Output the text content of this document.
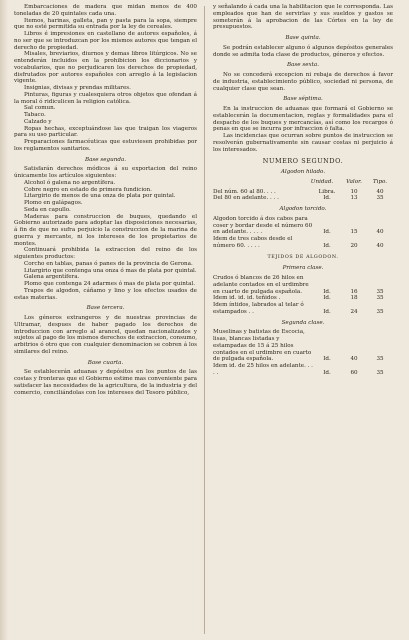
Embarcaciones de madera que midan menos de 400 toneladas de 20 quintales cada una.

Itemos, harinas, galleta, pan y pasta para la sopa, siempre que no esté permitida su entrada por la ley de cereales.

Libros é impresiones en castellano de autores españoles, á no ser que se introduzcan por los mismos autores que tengan el derecho de propiedad.

Misales, breviarios, diurnos y demas libros litúrgicos. No se entenderán incluidos en la prohibicion los diccionarios y vocabularios, que no perjudicaren los derechos de propiedad, disfrutados por autores españoles con arreglo á la legislacion vigente.

Insignias, divisas y prendas militares.

Pinturas, figuras y cualesquiera otros objetos que ofendan á la moral ó ridiculicen la religion católica.

Sal comun.

Tabaco.

Calzado y

Ropas hechas, exceptuándose las que traigan los viageros para su uso particular.

Preparaciones farmacéuticas que estuviesen prohibidas por los reglamentos sanitarios.

Base segunda.

Satisfarán derechos módicos á su exportacion del reino únicamente los artículos siguientes:

Alcohol ó galena no argentífera.

Cobre negro en estado de primera fundicion.

Litargirio de menos de una onza de plata por quintal.

Plomo en galápagos.

Seda en capullo.

Maderas para construccion de buques, quedando el Gobierno autorizado para adoptar las disposiciones necesarias, á fin de que no sufra perjuicio la construccion de la marina de guerra y mercante, ni los intereses de los propietarios de montes.

Continuará prohibida la extraccion del reino de los siguientes productos:

Corcho en tablas, panas ó panes de la provincia de Gerona.

Litargirio que contenga una onza ó mas de plata por quintal.

Galena argentífera.

Plomo que contenga 24 adarmes ó mas de plata por quintal.

Trapos de algodon, cáñamo y lino y los efectos usados de estas materias.

Base tercera.

Los géneros extrangeros y de nuestras provincias de Ultramar, despues de haber pagado los derechos de introduccion con arreglo al arancel, quedan nacionalizados y sujetos al pago de los mismos derechos de extraccion, consumo, arbitrios ó otro que con cualquier denominacion se cobren á los similares del reino.

Base cuarta.

Se establecerán aduanas y depósitos en los puntos de las costas y fronteras que el Gobierno estime mas conveniente para satisfacer las necesidades de la agricultura, de la industria y del comercio, conciliándolas con los intereses del Tesoro público,

y señalando á cada una la habilitacion que le corresponda. Las empleados que han de servirlas y sus sueldos y gastos se someterán á la aprobacion de las Córtes en la ley de presupuestos.

Base quinta.

Se podrán establecer alguno ó algunos depósitos generales donde se admita toda clase de productos, géneros y efectos.

Base sexta.

No se concederá excepcion ni rebaja de derechos á favor de industria, establecimiento público, sociedad ni persona, de cualquier clase que sean.

Base séptima.

En la instruccion de aduanas que formará el Gobierno se establecerán la documentacion, reglas y formalidades para el despacho de los buques y mercancías, así como los recargos ó penas en que se incurra por infraccion ó falta.

Las incidencias que ocurran sobre puntos de instruccion se resolverán gubernativamente sin causar costas ni perjuicio á los interesados.

NUMERO SEGUNDO.
Algodon hilado.
Unidad.	Valor.	Tipo.
Del núm. 60 al 80. . . .	Libra.	10	40
Del 80 en adelante. . . .	Id.	13	35
Algodon torcido.
Algodon torcido á dos cabos para coser y bordar desde el número 60 en adelante. . . . .	Id.	15	40
Idem de tres cabos desde el número 60. . . . .	Id.	20	40
TEJIDOS DE ALGODON.
Primera clase.
Crudos ó blancos de 26 hilos en adelante contados en el urdimbre en cuarto de pulgada española.	Id.	16	35
Idem id. id. id. teñidos .	Id.	18	35
Idem íntidos, labrados al telar ó estampados . .	Id.	24	35
Segunda clase.
Muselinas y batistas de Escocia, lisas, blancas listadas y estampadas de 15 á 25 hilos contados en el urdimbre en cuarto de pulgada española.	Id.	40	35
Idem id. de 25 hilos en adelante. . . . .	Id.	60	35
